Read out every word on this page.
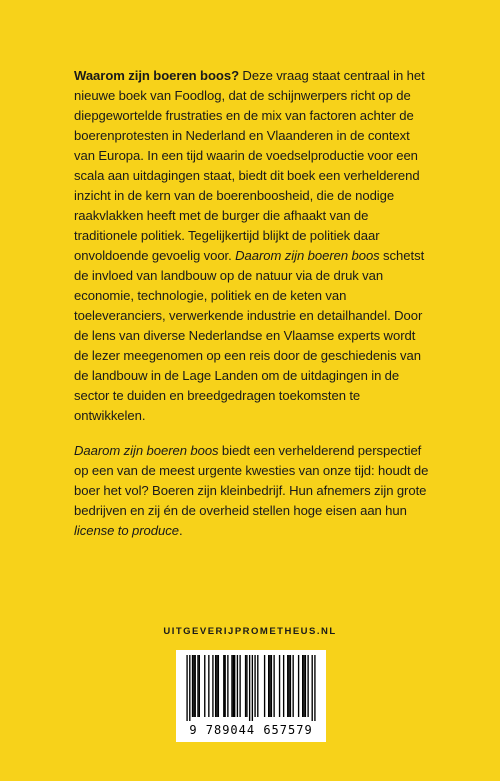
Waarom zijn boeren boos? Deze vraag staat centraal in het nieuwe boek van Foodlog, dat de schijnwerpers richt op de diepgewortelde frustraties en de mix van factoren achter de boerenprotesten in Nederland en Vlaanderen in de context van Europa. In een tijd waarin de voedselproductie voor een scala aan uitdagingen staat, biedt dit boek een verhelderend inzicht in de kern van de boerenboosheid, die de nodige raakvlakken heeft met de burger die afhaakt van de traditionele politiek. Tegelijkertijd blijkt de politiek daar onvoldoende gevoelig voor. Daarom zijn boeren boos schetst de invloed van landbouw op de natuur via de druk van economie, technologie, politiek en de keten van toeleveranciers, verwerkende industrie en detailhandel. Door de lens van diverse Nederlandse en Vlaamse experts wordt de lezer meegenomen op een reis door de geschiedenis van de landbouw in de Lage Landen om de uitdagingen in de sector te duiden en breedgedragen toekomsten te ontwikkelen.
Daarom zijn boeren boos biedt een verhelderend perspectief op een van de meest urgente kwesties van onze tijd: houdt de boer het vol? Boeren zijn kleinbedrijf. Hun afnemers zijn grote bedrijven en zij én de overheid stellen hoge eisen aan hun license to produce.
UITGEVERIJPROMETHEUS.NL
9 789044 657579
